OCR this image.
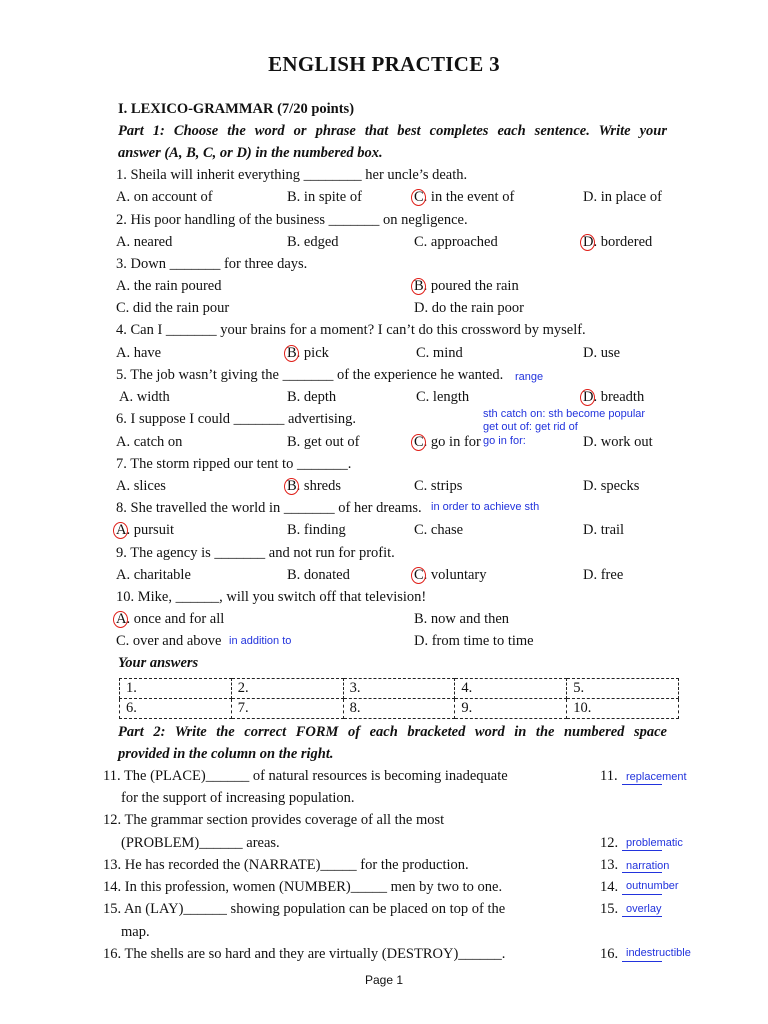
ENGLISH PRACTICE 3
I. LEXICO-GRAMMAR (7/20 points)
Part 1: Choose the word or phrase that best completes each sentence. Write your
answer (A, B, C, or D) in the numbered box.
1. Sheila will inherit everything ________ her uncle’s death.
A. on account of	B. in spite of	C. in the event of	D. in place of
2. His poor handling of the business _______ on negligence.
A. neared	B. edged	C. approached	D. bordered
3. Down _______ for three days.
A. the rain poured	B. poured the rain
C. did the rain pour	D. do the rain poor
4. Can I _______ your brains for a moment? I can’t do this crossword by myself.
A. have	B. pick	C. mind	D. use
5. The job wasn’t giving the _______ of the experience he wanted. range
A. width	B. depth	C. length	D. breadth
6. I suppose I could _______ advertising.	sth catch on: sth become popular
get out of: get rid of
go in for:
A. catch on	B. get out of	C. go in for	D. work out
7. The storm ripped our tent to _______.
A. slices	B. shreds	C. strips	D. specks
8. She travelled the world in _______ of her dreams. in order to achieve sth
A. pursuit	B. finding	C. chase	D. trail
9. The agency is _______ and not run for profit.
A. charitable	B. donated	C. voluntary	D. free
10. Mike, ______, will you switch off that television!
A. once and for all	B. now and then
C. over and above in addition to	D. from time to time
Your answers
1.	2.	3.	4.	5.
6.	7.	8.	9.	10.
Part 2: Write the correct FORM of each bracketed word in the numbered space
provided in the column on the right.
11. The (PLACE)______ of natural resources is becoming inadequate
for the support of increasing population.
11. replacement
12. The grammar section provides coverage of all the most
(PROBLEM)______ areas.	12. problematic
13. He has recorded the (NARRATE)_____ for the production.	13. narration
14. In this profession, women (NUMBER)_____ men by two to one.	14. outnumber
15. An (LAY)______ showing population can be placed on top of the
map.
15. overlay
16. The shells are so hard and they are virtually (DESTROY)______.	16. indestructible
Page 1
